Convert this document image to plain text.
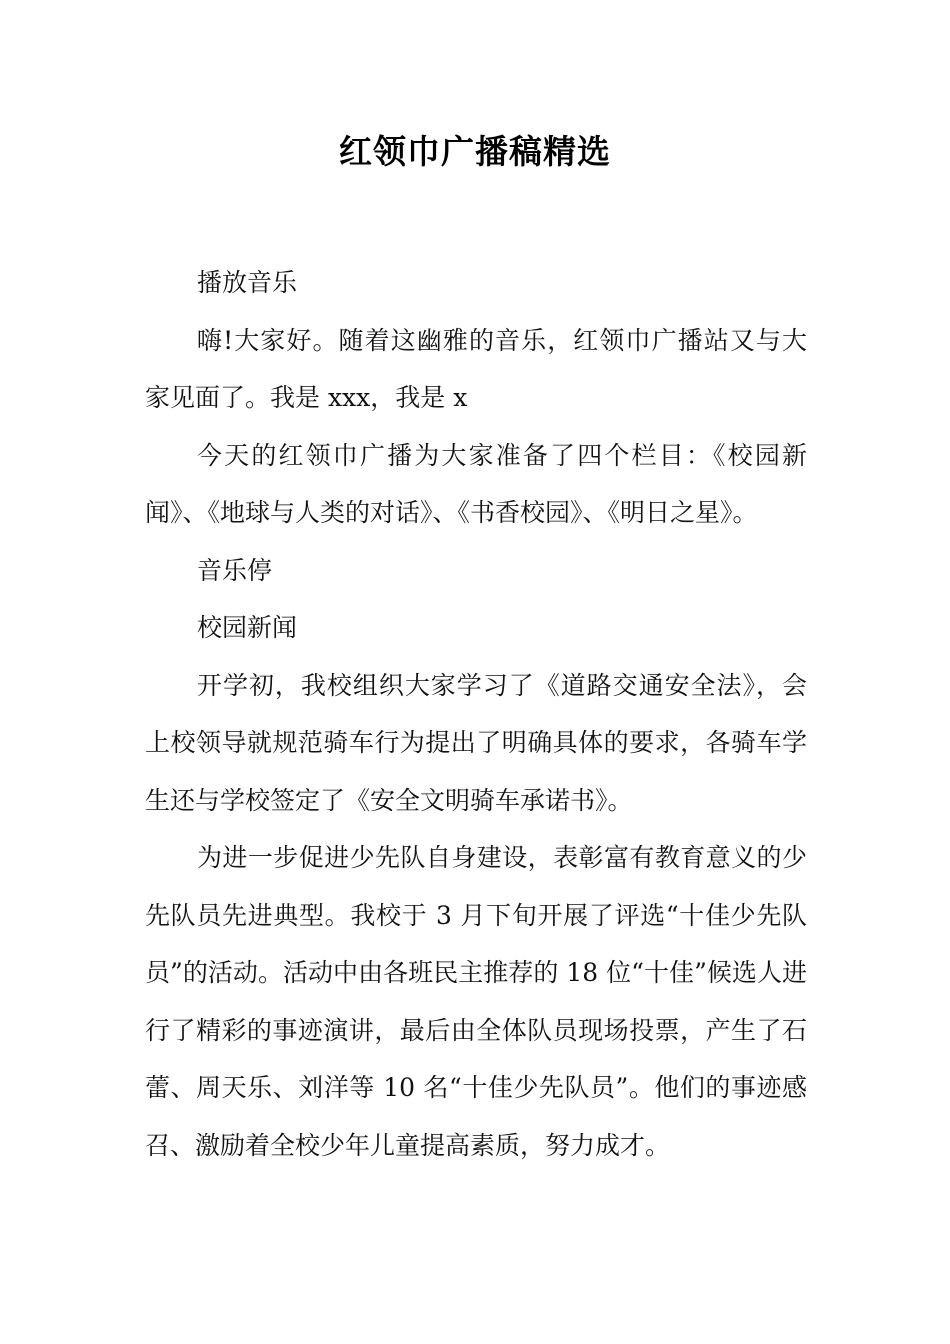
红领巾广播稿精选

播放音乐

嗨!大家好。随着这幽雅的音乐，红领巾广播站又与大家见面了。我是 xxx，我是 x

今天的红领巾广播为大家准备了四个栏目：《校园新闻》、《地球与人类的对话》、《书香校园》、《明日之星》。

音乐停

校园新闻

开学初，我校组织大家学习了《道路交通安全法》，会上校领导就规范骑车行为提出了明确具体的要求，各骑车学生还与学校签定了《安全文明骑车承诺书》。

为进一步促进少先队自身建设，表彰富有教育意义的少先队员先进典型。我校于 3 月下旬开展了评选“十佳少先队员”的活动。活动中由各班民主推荐的 18 位“十佳”候选人进行了精彩的事迹演讲，最后由全体队员现场投票，产生了石蕾、周天乐、刘洋等 10 名“十佳少先队员”。他们的事迹感召、激励着全校少年儿童提高素质，努力成才。
